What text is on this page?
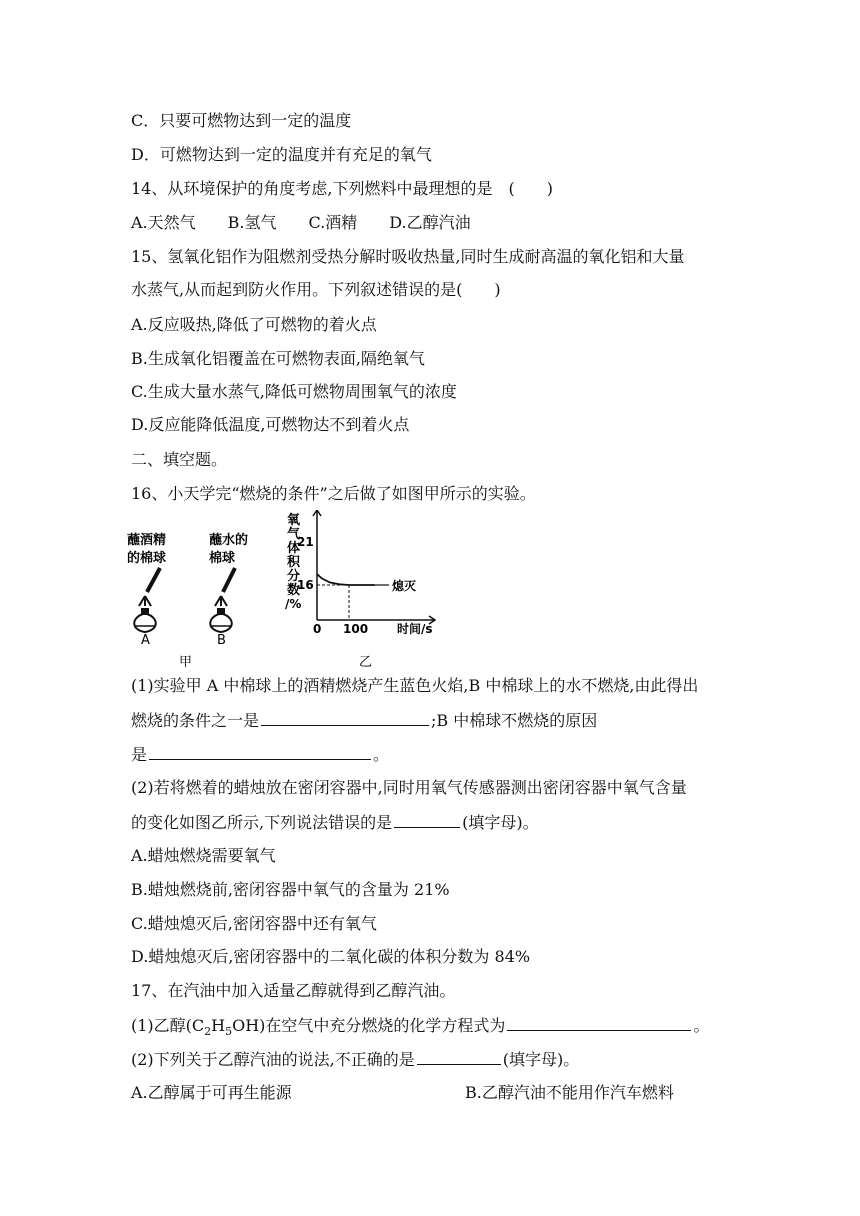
C．只要可燃物达到一定的温度
D．可燃物达到一定的温度并有充足的氧气
14、从环境保护的角度考虑,下列燃料中最理想的是　(　　)
A.天然气　　B.氢气　　C.酒精　　D.乙醇汽油
15、氢氧化铝作为阻燃剂受热分解时吸收热量,同时生成耐高温的氧化铝和大量
水蒸气,从而起到防火作用。下列叙述错误的是(　　)
A.反应吸热,降低了可燃物的着火点
B.生成氧化铝覆盖在可燃物表面,隔绝氧气
C.生成大量水蒸气,降低可燃物周围氧气的浓度
D.反应能降低温度,可燃物达不到着火点
二、填空题。
16、小天学完“燃烧的条件”之后做了如图甲所示的实验。
蘸酒精
的棉球
蘸水的
棉球
A	B
甲
氧
气
体
积
分
数
/%
21
16
0 100 时间/s
熄灭
乙
(1)实验甲 A 中棉球上的酒精燃烧产生蓝色火焰,B 中棉球上的水不燃烧,由此得出
燃烧的条件之一是	;B 中棉球不燃烧的原因
是	。
(2)若将燃着的蜡烛放在密闭容器中,同时用氧气传感器测出密闭容器中氧气含量
的变化如图乙所示,下列说法错误的是	(填字母)。
A.蜡烛燃烧需要氧气
B.蜡烛燃烧前,密闭容器中氧气的含量为 21%
C.蜡烛熄灭后,密闭容器中还有氧气
D.蜡烛熄灭后,密闭容器中的二氧化碳的体积分数为 84%
17、在汽油中加入适量乙醇就得到乙醇汽油。
(1)乙醇$(C_2H_5OH)$在空气中充分燃烧的化学方程式为	。
(2)下列关于乙醇汽油的说法,不正确的是	(填字母)。
A.乙醇属于可再生能源	B.乙醇汽油不能用作汽车燃料
